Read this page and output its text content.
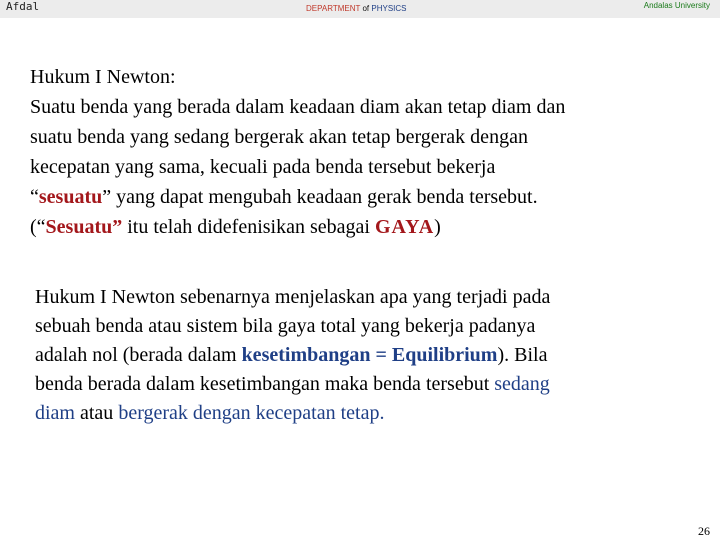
Afdal	DEPARTMENT of PHYSICS	Andalas University
Hukum I Newton:
Suatu benda yang berada dalam keadaan diam akan tetap diam dan
suatu benda yang sedang bergerak akan tetap bergerak dengan
kecepatan yang sama, kecuali pada benda tersebut bekerja
“sesuatu” yang dapat mengubah keadaan gerak benda tersebut.
(“Sesuatu” itu telah didefenisikan sebagai GAYA)
Hukum I Newton sebenarnya menjelaskan apa yang terjadi pada
sebuah benda atau sistem bila gaya total yang bekerja padanya
adalah nol (berada dalam kesetimbangan = Equilibrium). Bila
benda berada dalam kesetimbangan maka benda tersebut sedang
diam atau bergerak dengan kecepatan tetap.
26
